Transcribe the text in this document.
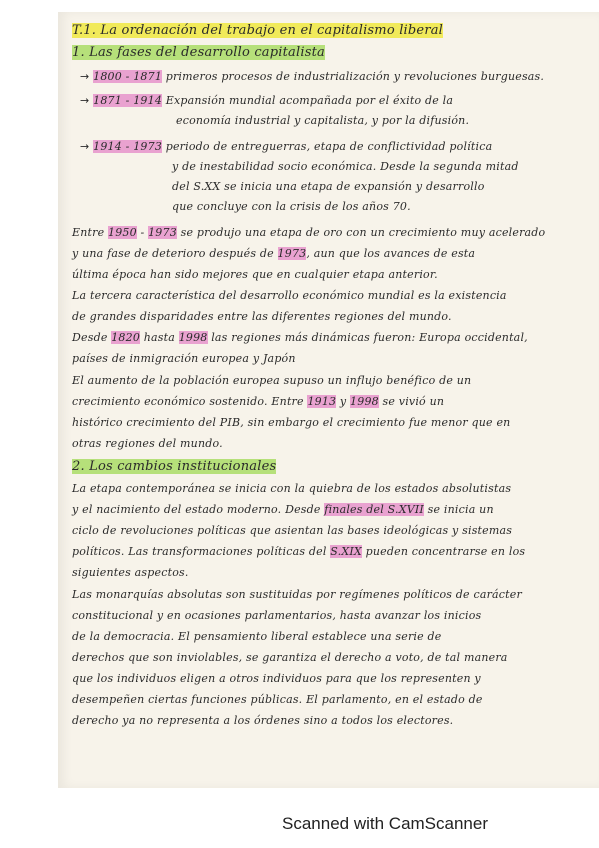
T.1. La ordenación del trabajo en el capitalismo liberal
1. Las fases del desarrollo capitalista
→ 1800 - 1871 primeros procesos de industrialización y revoluciones burguesas.
→ 1871 - 1914 Expansión mundial acompañada por el éxito de la
economía industrial y capitalista, y por la difusión.
→ 1914 - 1973 periodo de entreguerras, etapa de conflictividad política
y de inestabilidad socio económica. Desde la segunda mitad
del S.XX se inicia una etapa de expansión y desarrollo
que concluye con la crisis de los años 70.
Entre 1950 - 1973 se produjo una etapa de oro con un crecimiento muy acelerado
y una fase de deterioro después de 1973, aun que los avances de esta
última época han sido mejores que en cualquier etapa anterior.
La tercera característica del desarrollo económico mundial es la existencia
de grandes disparidades entre las diferentes regiones del mundo.
Desde 1820 hasta 1998 las regiones más dinámicas fueron: Europa occidental,
países de inmigración europea y Japón
El aumento de la población europea supuso un influjo benéfico de un
crecimiento económico sostenido. Entre 1913 y 1998 se vivió un
histórico crecimiento del PIB, sin embargo el crecimiento fue menor que en
otras regiones del mundo.
2. Los cambios institucionales
La etapa contemporánea se inicia con la quiebra de los estados absolutistas
y el nacimiento del estado moderno. Desde finales del S.XVII se inicia un
ciclo de revoluciones políticas que asientan las bases ideológicas y sistemas
políticos. Las transformaciones políticas del S.XIX pueden concentrarse en los
siguientes aspectos.
Las monarquías absolutas son sustituidas por regímenes políticos de carácter
constitucional y en ocasiones parlamentarios, hasta avanzar los inicios
de la democracia. El pensamiento liberal establece una serie de
derechos que son inviolables, se garantiza el derecho a voto, de tal manera
que los individuos eligen a otros individuos para que los representen y
desempeñen ciertas funciones públicas. El parlamento, en el estado de
derecho ya no representa a los órdenes sino a todos los electores.
Scanned with CamScanner
